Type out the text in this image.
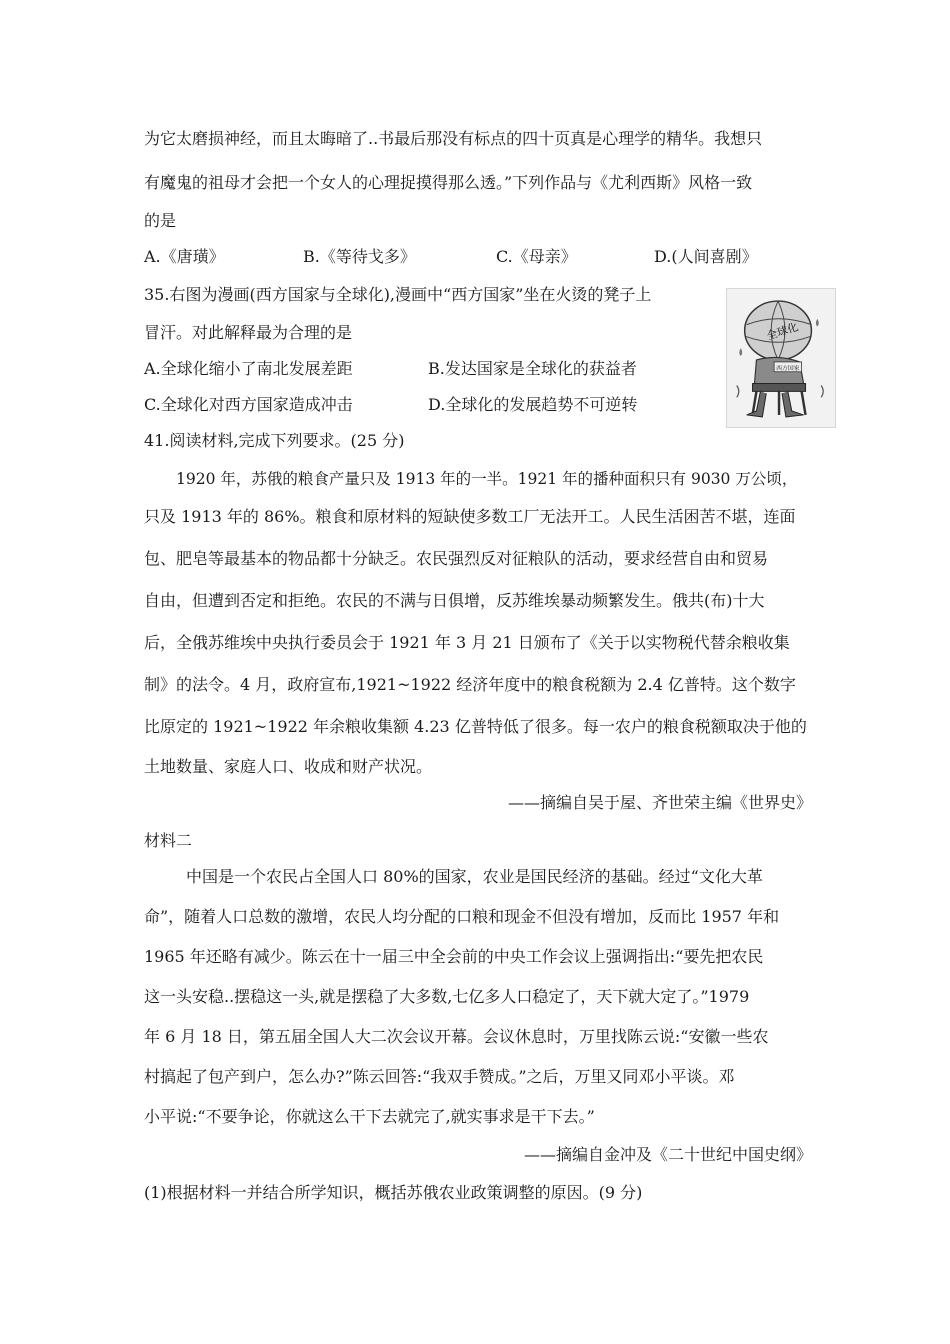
为它太磨损神经，而且太晦暗了..书最后那没有标点的四十页真是心理学的精华。我想只
有魔鬼的祖母才会把一个女人的心理捉摸得那么透。”下列作品与《尤利西斯》风格一致
的是
A.《唐璜》	B.《等待戈多》	C.《母亲》	D.(人间喜剧》
35.右图为漫画(西方国家与全球化),漫画中“西方国家”坐在火烫的凳子上
冒汗。对此解释最为合理的是
A.全球化缩小了南北发展差距	B.发达国家是全球化的获益者
C.全球化对西方国家造成冲击	D.全球化的发展趋势不可逆转
全球化
西方国家
41.阅读材料,完成下列要求。(25 分)
1920 年，苏俄的粮食产量只及 1913 年的一半。1921 年的播种面积只有 9030 万公顷，
只及 1913 年的 86%。粮食和原材料的短缺使多数工厂无法开工。人民生活困苦不堪，连面
包、肥皂等最基本的物品都十分缺乏。农民强烈反对征粮队的活动，要求经营自由和贸易
自由，但遭到否定和拒绝。农民的不满与日俱增，反苏维埃暴动频繁发生。俄共(布)十大
后，全俄苏维埃中央执行委员会于 1921 年 3 月 21 日颁布了《关于以实物税代替余粮收集
制》的法令。4 月，政府宣布,1921~1922 经济年度中的粮食税额为 2.4 亿普特。这个数字
比原定的 1921~1922 年余粮收集额 4.23 亿普特低了很多。每一农户的粮食税额取决于他的
土地数量、家庭人口、收成和财产状况。
——摘编自吴于屋、齐世荣主编《世界史》
材料二
中国是一个农民占全国人口 80%的国家，农业是国民经济的基础。经过“文化大革
命”，随着人口总数的激增，农民人均分配的口粮和现金不但没有增加，反而比 1957 年和
1965 年还略有减少。陈云在十一届三中全会前的中央工作会议上强调指出:“要先把农民
这一头安稳..摆稳这一头,就是摆稳了大多数,七亿多人口稳定了，天下就大定了。”1979
年 6 月 18 日，第五届全国人大二次会议开幕。会议休息时，万里找陈云说:“安徽一些农
村搞起了包产到户，怎么办?”陈云回答:“我双手赞成。”之后，万里又同邓小平谈。邓
小平说:“不要争论，你就这么干下去就完了,就实事求是干下去。”
——摘编自金冲及《二十世纪中国史纲》
(1)根据材料一并结合所学知识，概括苏俄农业政策调整的原因。(9 分)
